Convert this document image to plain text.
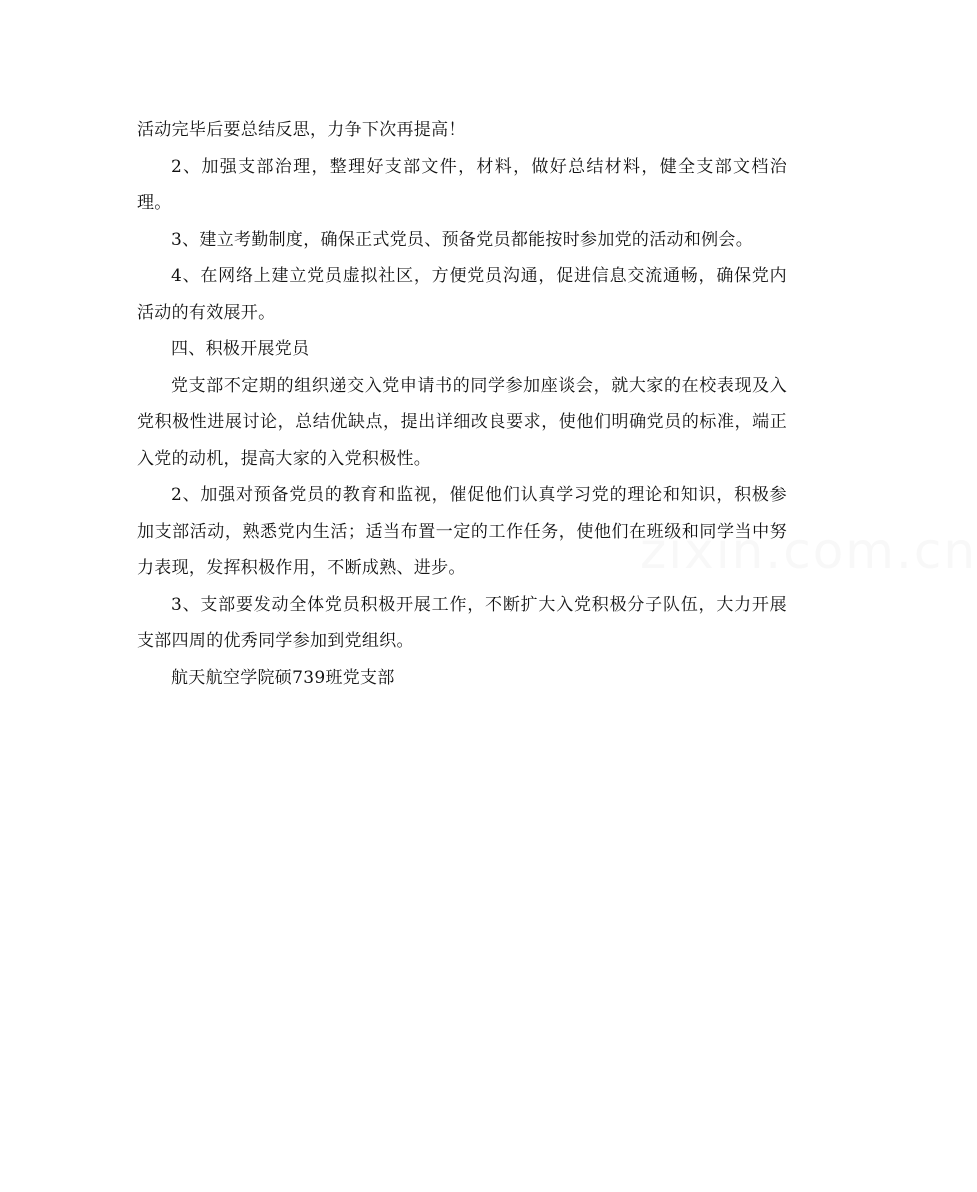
活动完毕后要总结反思，力争下次再提高！

2、加强支部治理，整理好支部文件，材料，做好总结材料，健全支部文档治理。

3、建立考勤制度，确保正式党员、预备党员都能按时参加党的活动和例会。

4、在网络上建立党员虚拟社区，方便党员沟通，促进信息交流通畅，确保党内活动的有效展开。

四、积极开展党员

党支部不定期的组织递交入党申请书的同学参加座谈会，就大家的在校表现及入党积极性进展讨论，总结优缺点，提出详细改良要求，使他们明确党员的标准，端正入党的动机，提高大家的入党积极性。

2、加强对预备党员的教育和监视，催促他们认真学习党的理论和知识，积极参加支部活动，熟悉党内生活；适当布置一定的工作任务，使他们在班级和同学当中努力表现，发挥积极作用，不断成熟、进步。

3、支部要发动全体党员积极开展工作，不断扩大入党积极分子队伍，大力开展支部四周的优秀同学参加到党组织。

航天航空学院硕739班党支部

zixin.com.cn
